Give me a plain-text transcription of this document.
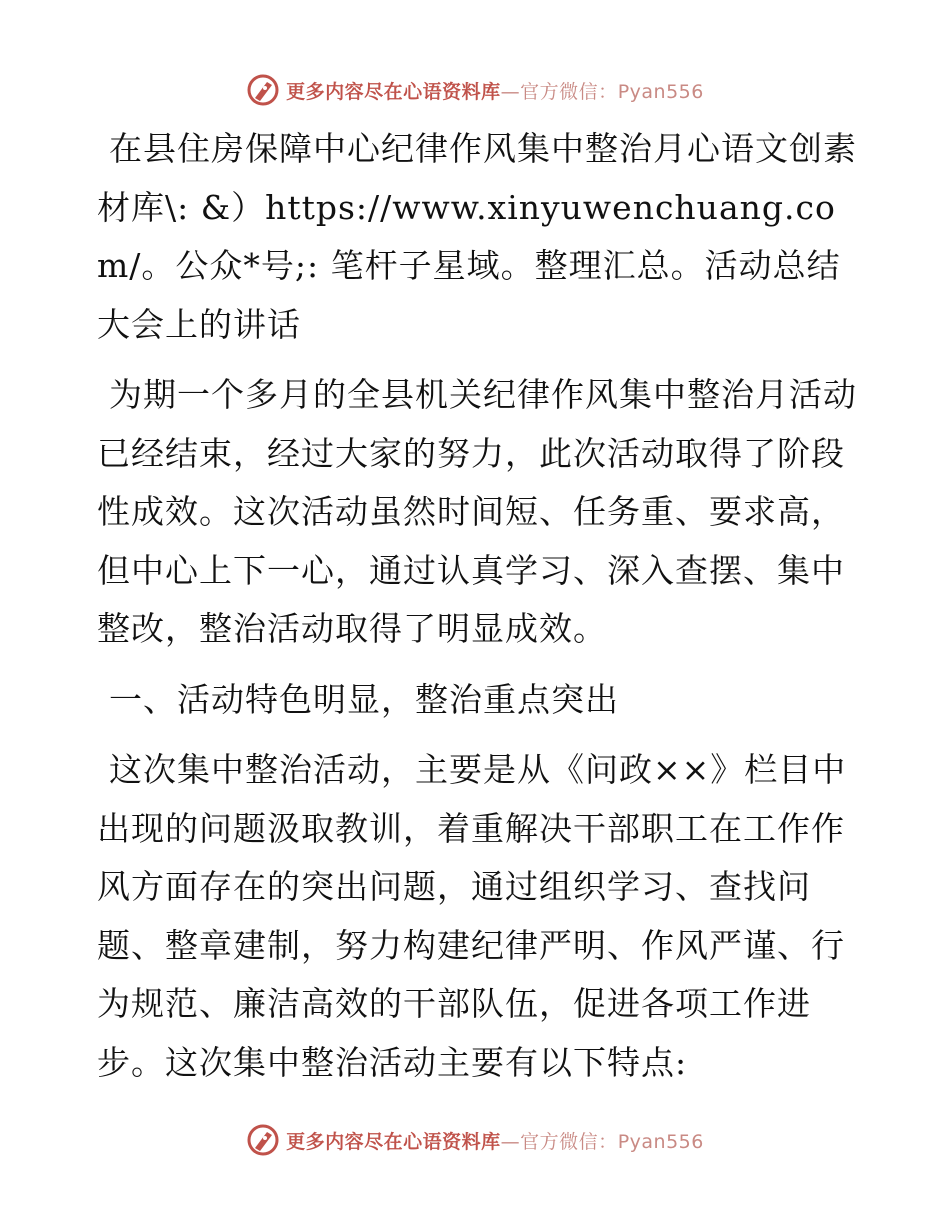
更多内容尽在心语资料库—官方微信：Pyan556

在县住房保障中心纪律作风集中整治月心语文创素材库\: &）https://www.xinyuwenchuang.com/。公众*号;: 笔杆子星域。整理汇总。活动总结大会上的讲话

为期一个多月的全县机关纪律作风集中整治月活动已经结束，经过大家的努力，此次活动取得了阶段性成效。这次活动虽然时间短、任务重、要求高，但中心上下一心，通过认真学习、深入查摆、集中整改，整治活动取得了明显成效。

一、活动特色明显，整治重点突出

这次集中整治活动，主要是从《问政××》栏目中出现的问题汲取教训，着重解决干部职工在工作作风方面存在的突出问题，通过组织学习、查找问题、整章建制，努力构建纪律严明、作风严谨、行为规范、廉洁高效的干部队伍，促进各项工作进步。这次集中整治活动主要有以下特点:

更多内容尽在心语资料库—官方微信：Pyan556
